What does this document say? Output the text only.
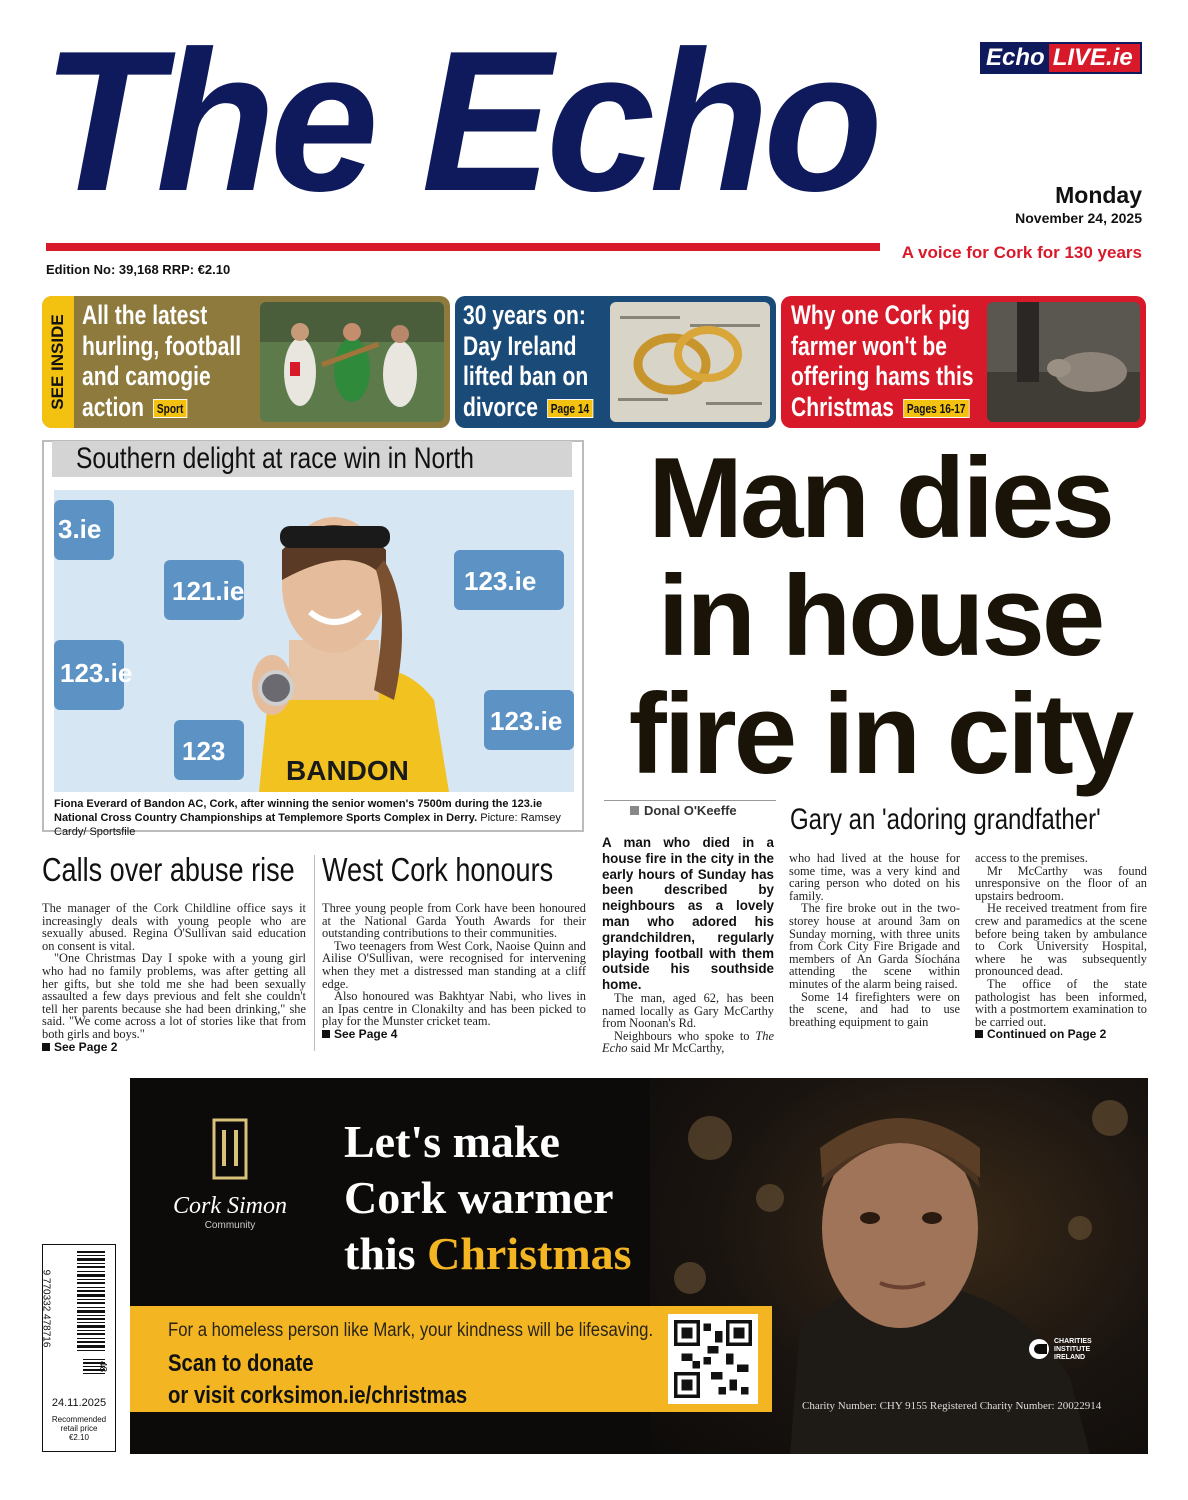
The Echo	Echo LIVE.ie
Monday
November 24, 2025
A voice for Cork for 130 years
Edition No: 39,168 RRP: €2.10
SEE INSIDE All the latest
hurling, football
and camogie
action Sport
30 years on:
Day Ireland
lifted ban on
divorce Page 14
Why one Cork pig
farmer won't be
offering hams this
Christmas Pages 16-17
Southern delight at race win in North
3.ie
121.ie
123.ie
123.ie
123.ie
123
BANDON
Fiona Everard of Bandon AC, Cork, after winning the senior women's 7500m during the 123.ie National Cross Country Championships at Templemore Sports Complex in Derry. Picture: Ramsey Cardy/ Sportsfile
Man dies
in house
fire in city
Donal O'Keeffe Gary an 'adoring grandfather'
A man who died in a house fire in the city in the early hours of Sunday has been described by neighbours as a lovely man who adored his grandchildren, regularly playing football with them outside his southside home.

The man, aged 62, has been named locally as Gary McCarthy from Noonan's Rd.

Neighbours who spoke to The Echo said Mr McCarthy,

who had lived at the house for some time, was a very kind and caring person who doted on his family.

The fire broke out in the two-storey house at around 3am on Sunday morning, with three units from Cork City Fire Brigade and members of An Garda Síochána attending the scene within minutes of the alarm being raised.

Some 14 firefighters were on the scene, and had to use breathing equipment to gain

access to the premises.

Mr McCarthy was found unresponsive on the floor of an upstairs bedroom.

He received treatment from fire crew and paramedics at the scene before being taken by ambulance to Cork University Hospital, where he was subsequently pronounced dead.

The office of the state pathologist has been informed, with a postmortem examination to be carried out.

Continued on Page 2

Calls over abuse rise

The manager of the Cork Childline office says it increasingly deals with young people who are sexually abused. Regina O'Sullivan said education on consent is vital.

"One Christmas Day I spoke with a young girl who had no family problems, was after getting all her gifts, but she told me she had been sexually assaulted a few days previous and felt she couldn't tell her parents because she had been drinking," she said. "We come across a lot of stories like that from both girls and boys."

See Page 2

West Cork honours

Three young people from Cork have been honoured at the National Garda Youth Awards for their outstanding contributions to their communities.

Two teenagers from West Cork, Naoise Quinn and Ailise O'Sullivan, were recognised for intervening when they met a distressed man standing at a cliff edge.

Also honoured was Bakhtyar Nabi, who lives in an Ipas centre in Clonakilty and has been picked to play for the Munster cricket team.

See Page 4

Cork Simon
Community
Let's make
Cork warmer
this Christmas
For a homeless person like Mark, your kindness will be lifesaving.
Scan to donate
or visit corksimon.ie/christmas
CHARITIES
INSTITUTE
IRELAND
Charity Number: CHY 9155 Registered Charity Number: 20022914
9 770332 478716
48
24.11.2025
Recommended retail price
€2.10
